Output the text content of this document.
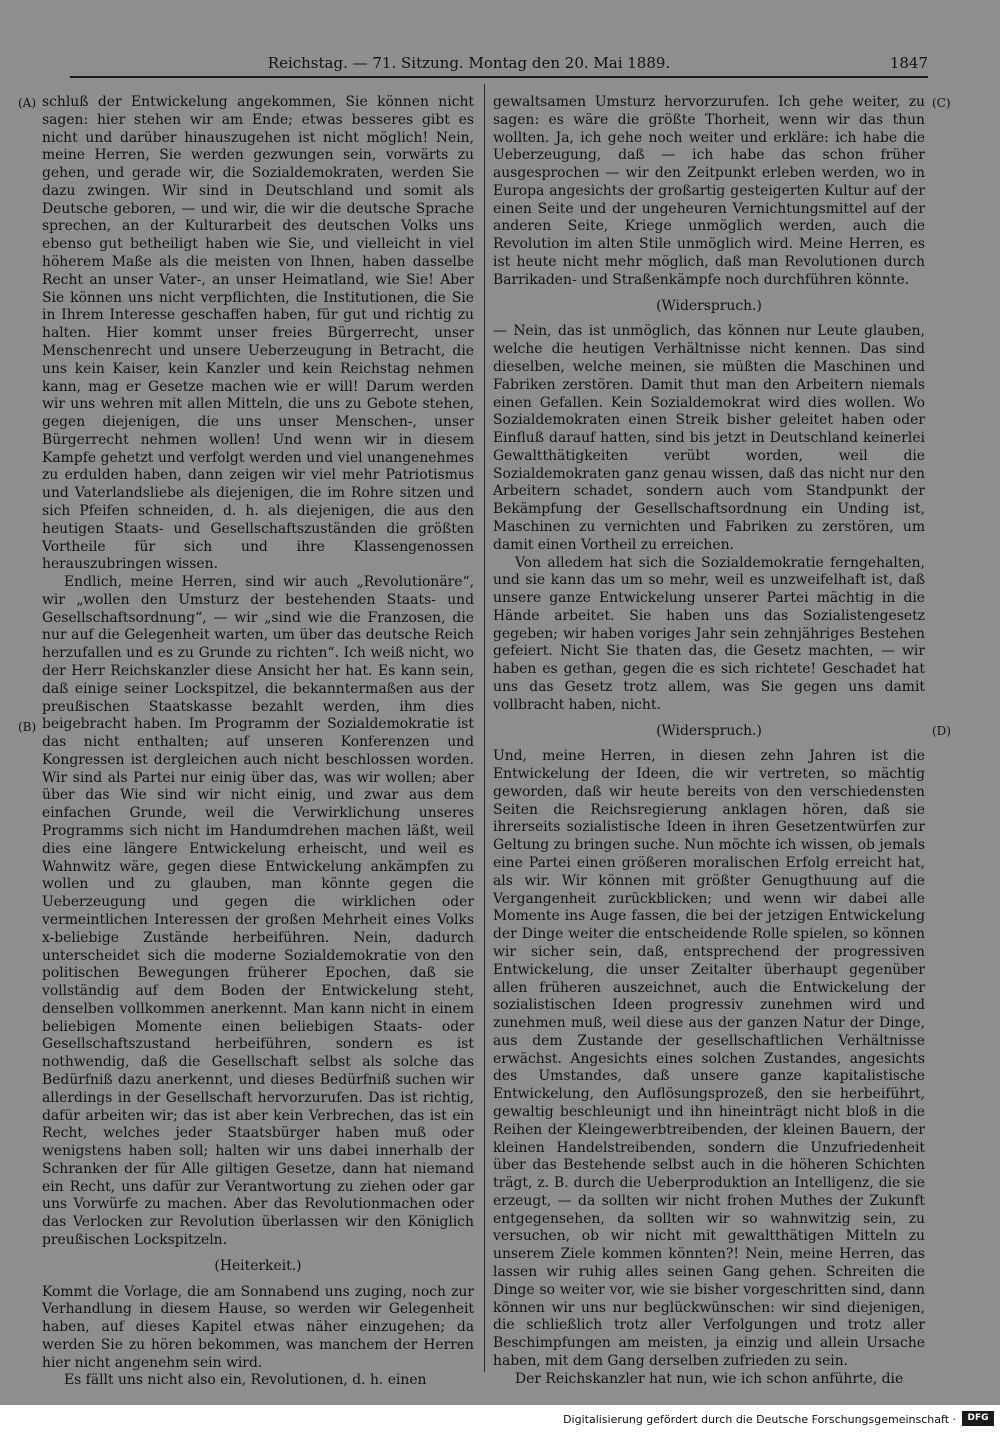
Reichstag. — 71. Sitzung. Montag den 20. Mai 1889.	1847
(A)
(B)
(C)
(D)

schluß der Entwickelung angekommen, Sie können nicht sagen: hier stehen wir am Ende; etwas besseres gibt es nicht und darüber hinauszugehen ist nicht möglich! Nein, meine Herren, Sie werden gezwungen sein, vorwärts zu gehen, und gerade wir, die Sozialdemokraten, werden Sie dazu zwingen. Wir sind in Deutschland und somit als Deutsche geboren, — und wir, die wir die deutsche Sprache sprechen, an der Kulturarbeit des deutschen Volks uns ebenso gut betheiligt haben wie Sie, und vielleicht in viel höherem Maße als die meisten von Ihnen, haben dasselbe Recht an unser Vater-, an unser Heimatland, wie Sie! Aber Sie können uns nicht verpflichten, die Institutionen, die Sie in Ihrem Interesse geschaffen haben, für gut und richtig zu halten. Hier kommt unser freies Bürgerrecht, unser Menschenrecht und unsere Ueberzeugung in Betracht, die uns kein Kaiser, kein Kanzler und kein Reichstag nehmen kann, mag er Gesetze machen wie er will! Darum werden wir uns wehren mit allen Mitteln, die uns zu Gebote stehen, gegen diejenigen, die uns unser Menschen-, unser Bürgerrecht nehmen wollen! Und wenn wir in diesem Kampfe gehetzt und verfolgt werden und viel unangenehmes zu erdulden haben, dann zeigen wir viel mehr Patriotismus und Vaterlandsliebe als diejenigen, die im Rohre sitzen und sich Pfeifen schneiden, d. h. als diejenigen, die aus den heutigen Staats- und Gesellschaftszuständen die größten Vortheile für sich und ihre Klassengenossen herauszubringen wissen.

Endlich, meine Herren, sind wir auch „Revolutionäre“, wir „wollen den Umsturz der bestehenden Staats- und Gesellschaftsordnung“, — wir „sind wie die Franzosen, die nur auf die Gelegenheit warten, um über das deutsche Reich herzufallen und es zu Grunde zu richten“. Ich weiß nicht, wo der Herr Reichskanzler diese Ansicht her hat. Es kann sein, daß einige seiner Lockspitzel, die bekanntermaßen aus der preußischen Staatskasse bezahlt werden, ihm dies beigebracht haben. Im Programm der Sozialdemokratie ist das nicht enthalten; auf unseren Konferenzen und Kongressen ist dergleichen auch nicht beschlossen worden. Wir sind als Partei nur einig über das, was wir wollen; aber über das Wie sind wir nicht einig, und zwar aus dem einfachen Grunde, weil die Verwirklichung unseres Programms sich nicht im Handumdrehen machen läßt, weil dies eine längere Entwickelung erheischt, und weil es Wahnwitz wäre, gegen diese Entwickelung ankämpfen zu wollen und zu glauben, man könnte gegen die Ueberzeugung und gegen die wirklichen oder vermeintlichen Interessen der großen Mehrheit eines Volks x-beliebige Zustände herbeiführen. Nein, dadurch unterscheidet sich die moderne Sozialdemokratie von den politischen Bewegungen früherer Epochen, daß sie vollständig auf dem Boden der Entwickelung steht, denselben vollkommen anerkennt. Man kann nicht in einem beliebigen Momente einen beliebigen Staats- oder Gesellschaftszustand herbeiführen, sondern es ist nothwendig, daß die Gesellschaft selbst als solche das Bedürfniß dazu anerkennt, und dieses Bedürfniß suchen wir allerdings in der Gesellschaft hervorzurufen. Das ist richtig, dafür arbeiten wir; das ist aber kein Verbrechen, das ist ein Recht, welches jeder Staatsbürger haben muß oder wenigstens haben soll; halten wir uns dabei innerhalb der Schranken der für Alle giltigen Gesetze, dann hat niemand ein Recht, uns dafür zur Verantwortung zu ziehen oder gar uns Vorwürfe zu machen. Aber das Revolutionmachen oder das Verlocken zur Revolution überlassen wir den Königlich preußischen Lockspitzeln.

(Heiterkeit.)

Kommt die Vorlage, die am Sonnabend uns zuging, noch zur Verhandlung in diesem Hause, so werden wir Gelegenheit haben, auf dieses Kapitel etwas näher einzugehen; da werden Sie zu hören bekommen, was manchem der Herren hier nicht angenehm sein wird.

Es fällt uns nicht also ein, Revolutionen, d. h. einen

gewaltsamen Umsturz hervorzurufen. Ich gehe weiter, zu sagen: es wäre die größte Thorheit, wenn wir das thun wollten. Ja, ich gehe noch weiter und erkläre: ich habe die Ueberzeugung, daß — ich habe das schon früher ausgesprochen — wir den Zeitpunkt erleben werden, wo in Europa angesichts der großartig gesteigerten Kultur auf der einen Seite und der ungeheuren Vernichtungsmittel auf der anderen Seite, Kriege unmöglich werden, auch die Revolution im alten Stile unmöglich wird. Meine Herren, es ist heute nicht mehr möglich, daß man Revolutionen durch Barrikaden- und Straßenkämpfe noch durchführen könnte.

(Widerspruch.)

— Nein, das ist unmöglich, das können nur Leute glauben, welche die heutigen Verhältnisse nicht kennen. Das sind dieselben, welche meinen, sie müßten die Maschinen und Fabriken zerstören. Damit thut man den Arbeitern niemals einen Gefallen. Kein Sozialdemokrat wird dies wollen. Wo Sozialdemokraten einen Streik bisher geleitet haben oder Einfluß darauf hatten, sind bis jetzt in Deutschland keinerlei Gewaltthätigkeiten verübt worden, weil die Sozialdemokraten ganz genau wissen, daß das nicht nur den Arbeitern schadet, sondern auch vom Standpunkt der Bekämpfung der Gesellschaftsordnung ein Unding ist, Maschinen zu vernichten und Fabriken zu zerstören, um damit einen Vortheil zu erreichen.

Von alledem hat sich die Sozialdemokratie ferngehalten, und sie kann das um so mehr, weil es unzweifelhaft ist, daß unsere ganze Entwickelung unserer Partei mächtig in die Hände arbeitet. Sie haben uns das Sozialistengesetz gegeben; wir haben voriges Jahr sein zehnjähriges Bestehen gefeiert. Nicht Sie thaten das, die Gesetz machten, — wir haben es gethan, gegen die es sich richtete! Geschadet hat uns das Gesetz trotz allem, was Sie gegen uns damit vollbracht haben, nicht.

(Widerspruch.)

Und, meine Herren, in diesen zehn Jahren ist die Entwickelung der Ideen, die wir vertreten, so mächtig geworden, daß wir heute bereits von den verschiedensten Seiten die Reichsregierung anklagen hören, daß sie ihrerseits sozialistische Ideen in ihren Gesetzentwürfen zur Geltung zu bringen suche. Nun möchte ich wissen, ob jemals eine Partei einen größeren moralischen Erfolg erreicht hat, als wir. Wir können mit größter Genugthuung auf die Vergangenheit zurückblicken; und wenn wir dabei alle Momente ins Auge fassen, die bei der jetzigen Entwickelung der Dinge weiter die entscheidende Rolle spielen, so können wir sicher sein, daß, entsprechend der progressiven Entwickelung, die unser Zeitalter überhaupt gegenüber allen früheren auszeichnet, auch die Entwickelung der sozialistischen Ideen progressiv zunehmen wird und zunehmen muß, weil diese aus der ganzen Natur der Dinge, aus dem Zustande der gesellschaftlichen Verhältnisse erwächst. Angesichts eines solchen Zustandes, angesichts des Umstandes, daß unsere ganze kapitalistische Entwickelung, den Auflösungsprozeß, den sie herbeiführt, gewaltig beschleunigt und ihn hineinträgt nicht bloß in die Reihen der Kleingewerbtreibenden, der kleinen Bauern, der kleinen Handelstreibenden, sondern die Unzufriedenheit über das Bestehende selbst auch in die höheren Schichten trägt, z. B. durch die Ueberproduktion an Intelligenz, die sie erzeugt, — da sollten wir nicht frohen Muthes der Zukunft entgegensehen, da sollten wir so wahnwitzig sein, zu versuchen, ob wir nicht mit gewaltthätigen Mitteln zu unserem Ziele kommen könnten?! Nein, meine Herren, das lassen wir ruhig alles seinen Gang gehen. Schreiten die Dinge so weiter vor, wie sie bisher vorgeschritten sind, dann können wir uns nur beglückwünschen: wir sind diejenigen, die schließlich trotz aller Verfolgungen und trotz aller Beschimpfungen am meisten, ja einzig und allein Ursache haben, mit dem Gang derselben zufrieden zu sein.

Der Reichskanzler hat nun, wie ich schon anführte, die

Digitalisierung gefördert durch die Deutsche Forschungsgemeinschaft ·	DFG
